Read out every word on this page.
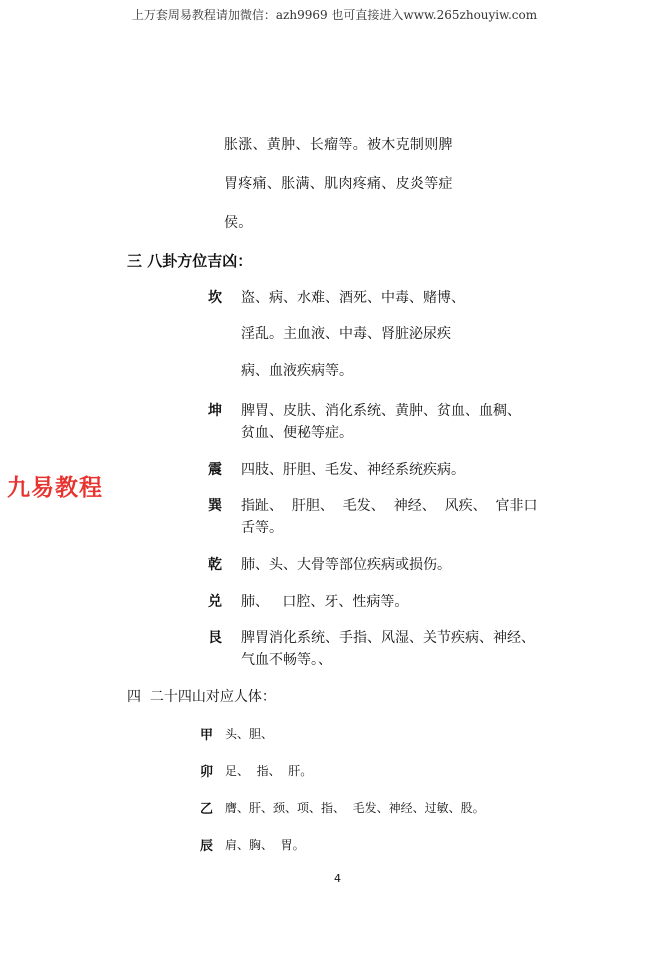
上万套周易教程请加微信：azh9969 也可直接进入www.265zhouyiw.com
胀涨、黄肿、长瘤等。被木克制则脾
胃疼痛、胀满、肌肉疼痛、皮炎等症
侯。
三 八卦方位吉凶：
坎 盗、病、水难、酒死、中毒、赌博、
淫乱。主血液、中毒、肾脏泌尿疾
病、血液疾病等。
坤 脾胃、皮肤、消化系统、黄肿、贫血、血稠、
贫血、便秘等症。
震 四肢、肝胆、毛发、神经系统疾病。
巽 指趾、  肝胆、  毛发、  神经、  风疾、  官非口
舌等。
乾 肺、头、大骨等部位疾病或损伤。
兑 肺、   口腔、牙、性病等。
艮 脾胃消化系统、手指、风湿、关节疾病、神经、
气血不畅等。、
四  二十四山对应人体：
甲 头、胆、
卯 足、  指、  肝。
乙 膺、肝、颈、项、指、  毛发、神经、过敏、股。
辰 肩、胸、  胃。
九易教程
4
